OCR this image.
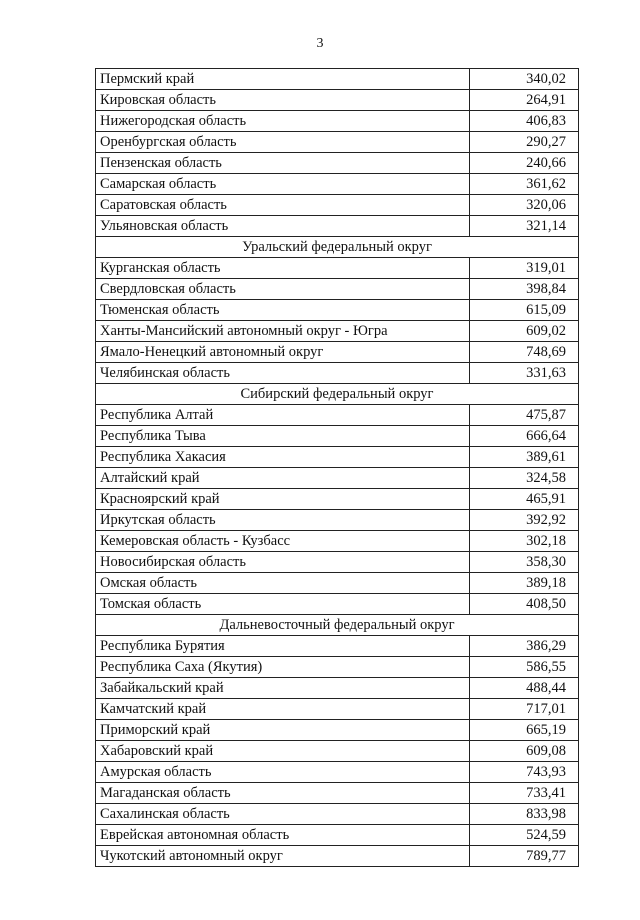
3
Пермский край	340,02
Кировская область	264,91
Нижегородская область	406,83
Оренбургская область	290,27
Пензенская область	240,66
Самарская область	361,62
Саратовская область	320,06
Ульяновская область	321,14
Уральский федеральный округ	
Курганская область	319,01
Свердловская область	398,84
Тюменская область	615,09
Ханты-Мансийский автономный округ - Югра	609,02
Ямало-Ненецкий автономный округ	748,69
Челябинская область	331,63
Сибирский федеральный округ	
Республика Алтай	475,87
Республика Тыва	666,64
Республика Хакасия	389,61
Алтайский край	324,58
Красноярский край	465,91
Иркутская область	392,92
Кемеровская область - Кузбасс	302,18
Новосибирская область	358,30
Омская область	389,18
Томская область	408,50
Дальневосточный федеральный округ	
Республика Бурятия	386,29
Республика Саха (Якутия)	586,55
Забайкальский край	488,44
Камчатский край	717,01
Приморский край	665,19
Хабаровский край	609,08
Амурская область	743,93
Магаданская область	733,41
Сахалинская область	833,98
Еврейская автономная область	524,59
Чукотский автономный округ	789,77
